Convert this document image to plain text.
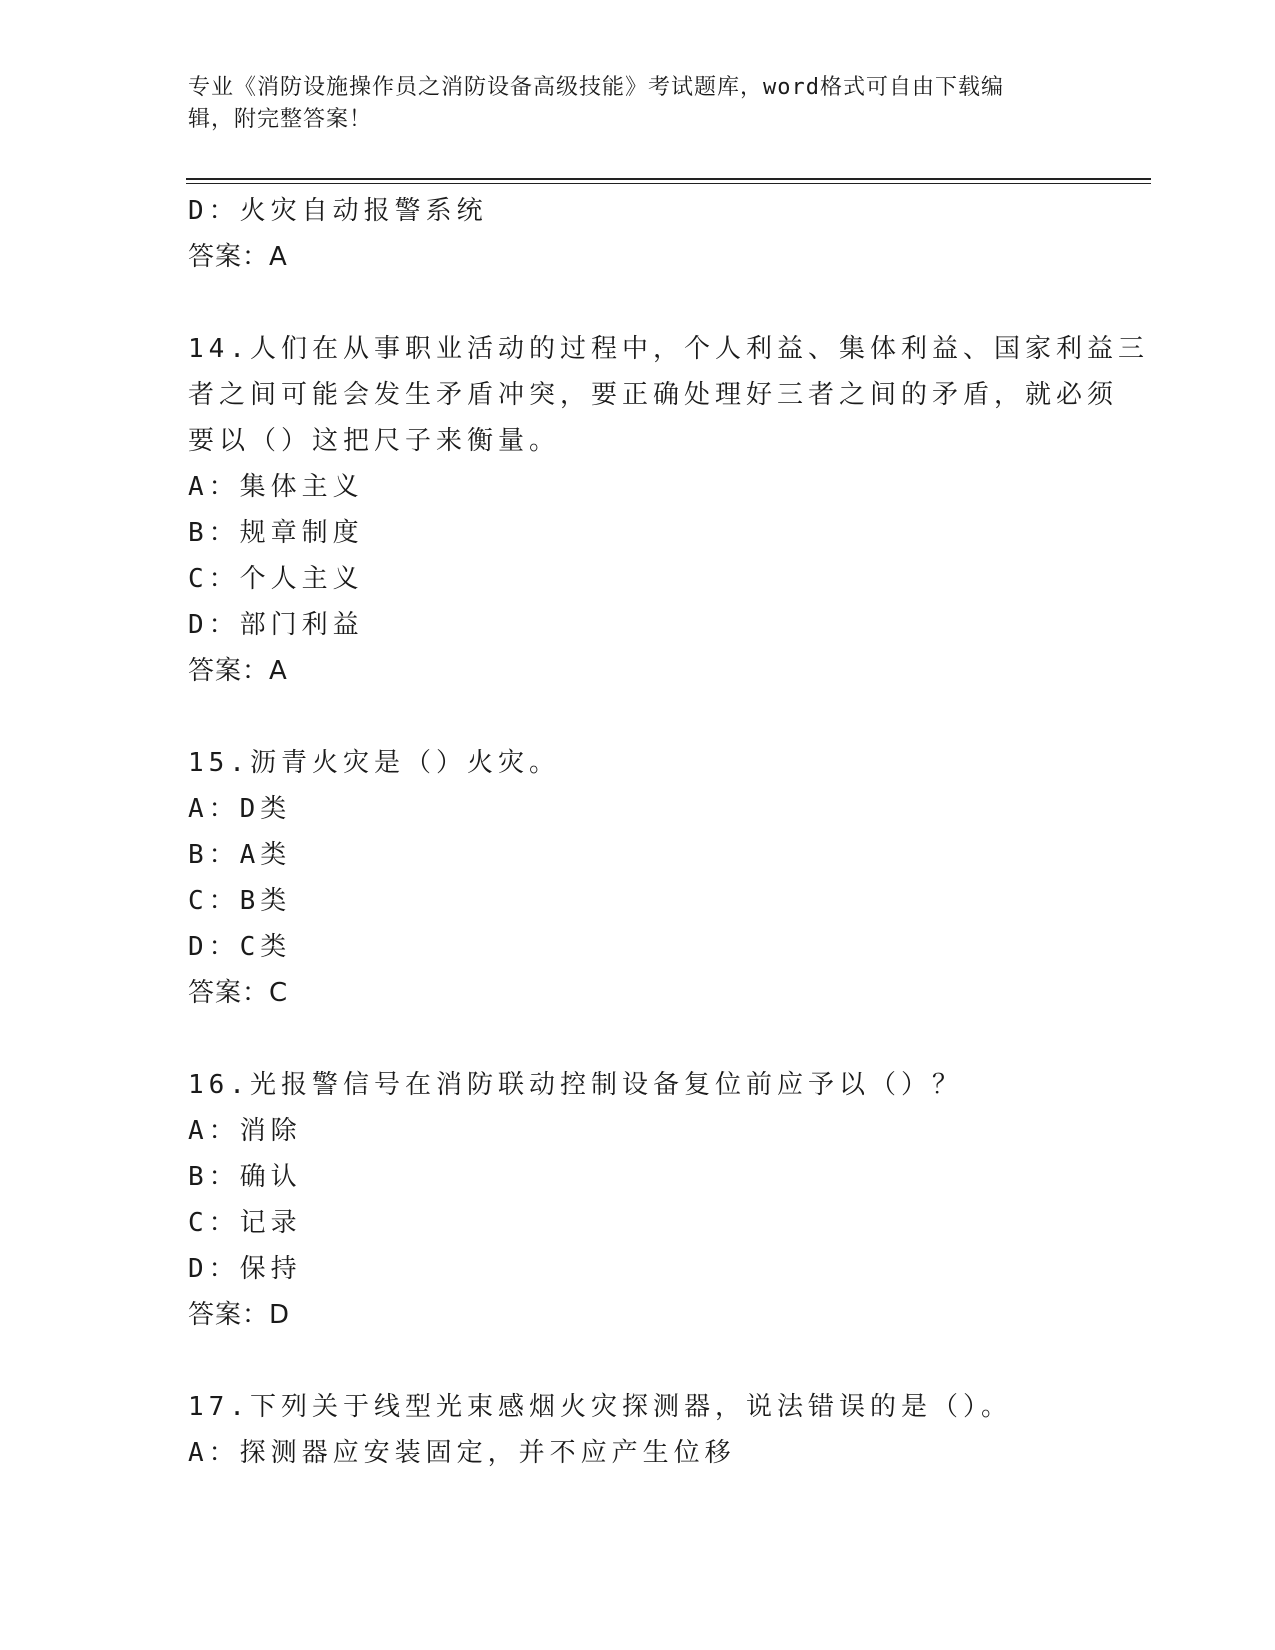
专业《消防设施操作员之消防设备高级技能》考试题库，word格式可自由下载编
辑，附完整答案！
D：火灾自动报警系统
答案：A
14.人们在从事职业活动的过程中，个人利益、集体利益、国家利益三
者之间可能会发生矛盾冲突，要正确处理好三者之间的矛盾，就必须
要以（）这把尺子来衡量。
A：集体主义
B：规章制度
C：个人主义
D：部门利益
答案：A
15.沥青火灾是（）火灾。
A：D类
B：A类
C：B类
D：C类
答案：C
16.光报警信号在消防联动控制设备复位前应予以（）？
A：消除
B：确认
C：记录
D：保持
答案：D
17.下列关于线型光束感烟火灾探测器，说法错误的是（）。
A：探测器应安装固定，并不应产生位移
